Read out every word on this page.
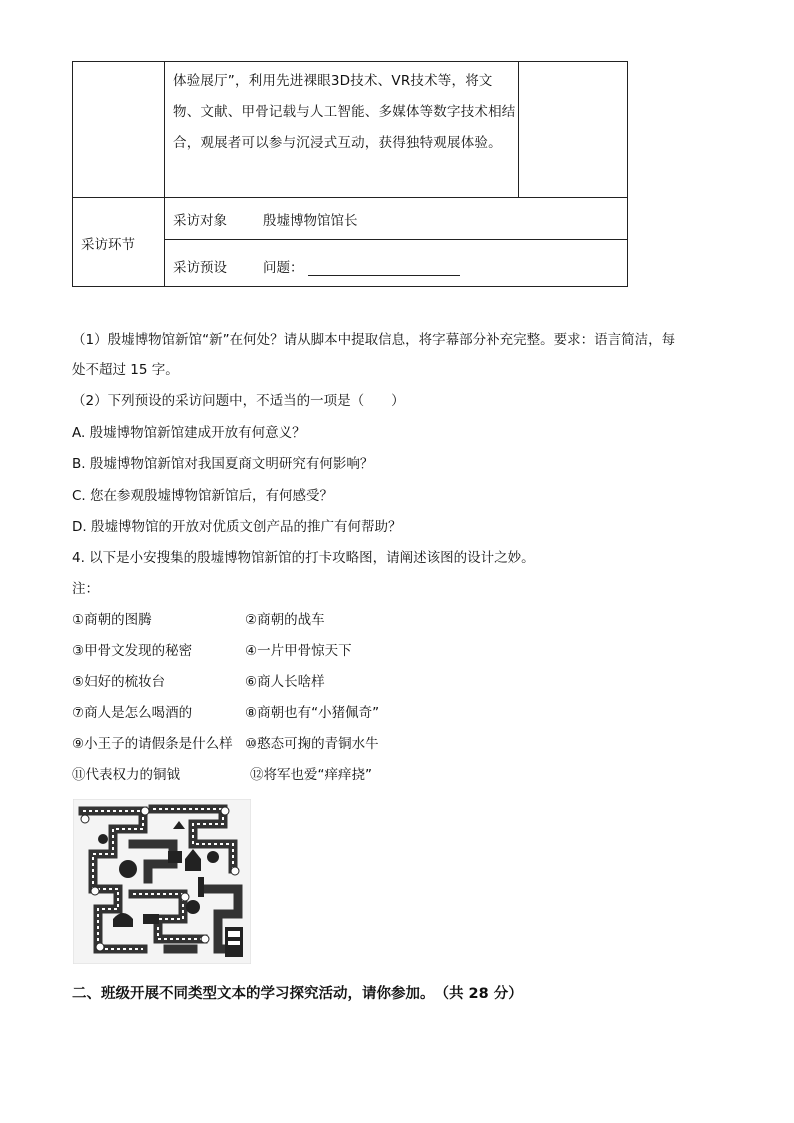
体验展厅”，利用先进裸眼3D技术、VR技术等，将文物、文献、甲骨记载与人工智能、多媒体等数字技术相结合，观展者可以参与沉浸式互动，获得独特观展体验。
采访环节
采访对象	殷墟博物馆馆长
采访预设	问题：
（1）殷墟博物馆新馆“新”在何处？请从脚本中提取信息，将字幕部分补充完整。要求：语言简洁，每
处不超过 15 字。
（2）下列预设的采访问题中，不适当的一项是（　　）
A. 殷墟博物馆新馆建成开放有何意义？
B. 殷墟博物馆新馆对我国夏商文明研究有何影响？
C. 您在参观殷墟博物馆新馆后，有何感受？
D. 殷墟博物馆的开放对优质文创产品的推广有何帮助？
4. 以下是小安搜集的殷墟博物馆新馆的打卡攻略图，请阐述该图的设计之妙。
注：
①商朝的图腾	②商朝的战车
③甲骨文发现的秘密	④一片甲骨惊天下
⑤妇好的梳妆台	⑥商人长啥样
⑦商人是怎么喝酒的	⑧商朝也有“小猪佩奇”
⑨小王子的请假条是什么样 ⑩憨态可掬的青铜水牛
⑪代表权力的铜钺	⑫将军也爱“痒痒挠”
二、班级开展不同类型文本的学习探究活动，请你参加。　（共 28 分）
